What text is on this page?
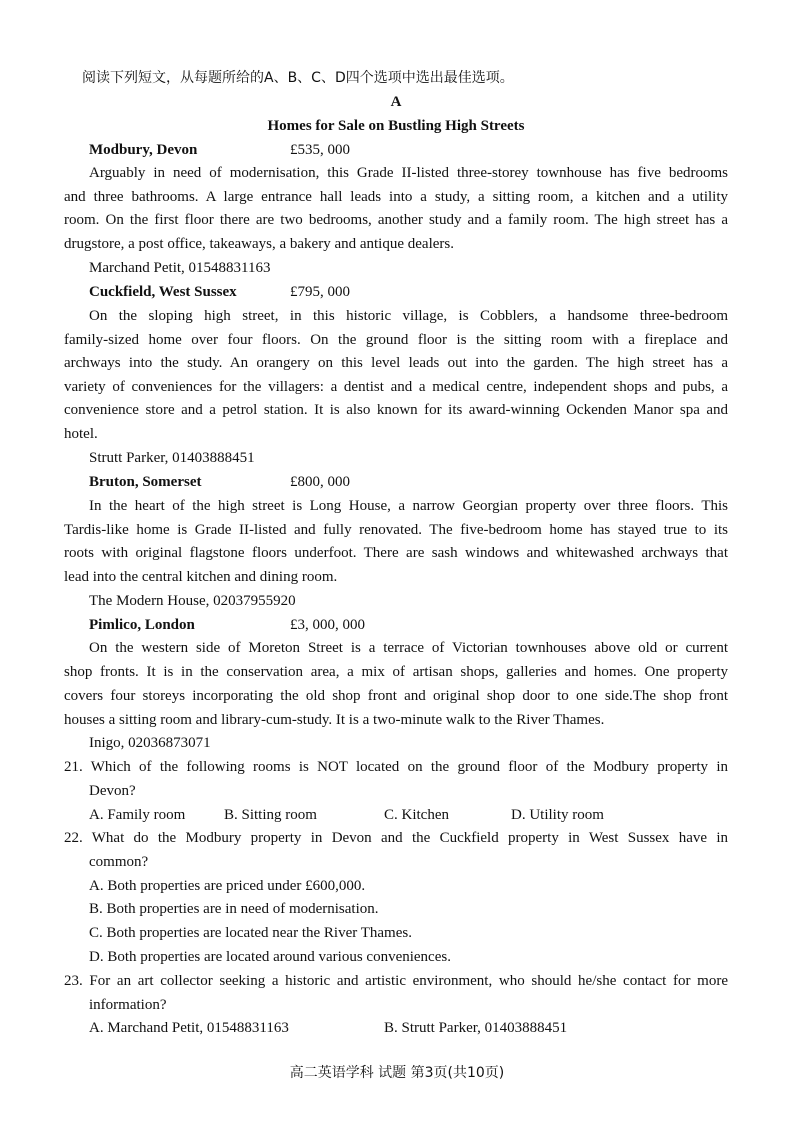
阅读下列短文，从每题所给的A、B、C、D四个选项中选出最佳选项。
A
Homes for Sale on Bustling High Streets
Modbury, Devon	£535, 000
Arguably in need of modernisation, this Grade II-listed three-storey townhouse has five bedrooms
and three bathrooms. A large entrance hall leads into a study, a sitting room, a kitchen and a utility
room. On the first floor there are two bedrooms, another study and a family room. The high street has a
drugstore, a post office, takeaways, a bakery and antique dealers.
Marchand Petit, 01548831163
Cuckfield, West Sussex	£795, 000
On the sloping high street, in this historic village, is Cobblers, a handsome three-bedroom
family-sized home over four floors. On the ground floor is the sitting room with a fireplace and
archways into the study. An orangery on this level leads out into the garden. The high street has a
variety of conveniences for the villagers: a dentist and a medical centre, independent shops and pubs, a
convenience store and a petrol station. It is also known for its award-winning Ockenden Manor spa and
hotel.
Strutt Parker, 01403888451
Bruton, Somerset	£800, 000
In the heart of the high street is Long House, a narrow Georgian property over three floors. This
Tardis-like home is Grade II-listed and fully renovated. The five-bedroom home has stayed true to its
roots with original flagstone floors underfoot. There are sash windows and whitewashed archways that
lead into the central kitchen and dining room.
The Modern House, 02037955920
Pimlico, London	£3, 000, 000
On the western side of Moreton Street is a terrace of Victorian townhouses above old or current
shop fronts. It is in the conservation area, a mix of artisan shops, galleries and homes. One property
covers four storeys incorporating the old shop front and original shop door to one side.The shop front
houses a sitting room and library-cum-study. It is a two-minute walk to the River Thames.
Inigo, 02036873071
21. Which of the following rooms is NOT located on the ground floor of the Modbury property in
Devon?
A. Family room	B. Sitting room	C. Kitchen	D. Utility room
22. What do the Modbury property in Devon and the Cuckfield property in West Sussex have in
common?
A. Both properties are priced under £600,000.
B. Both properties are in need of modernisation.
C. Both properties are located near the River Thames.
D. Both properties are located around various conveniences.
23. For an art collector seeking a historic and artistic environment, who should he/she contact for more
information?
A. Marchand Petit, 01548831163	B. Strutt Parker, 01403888451
高二英语学科 试题 第3页(共10页)
